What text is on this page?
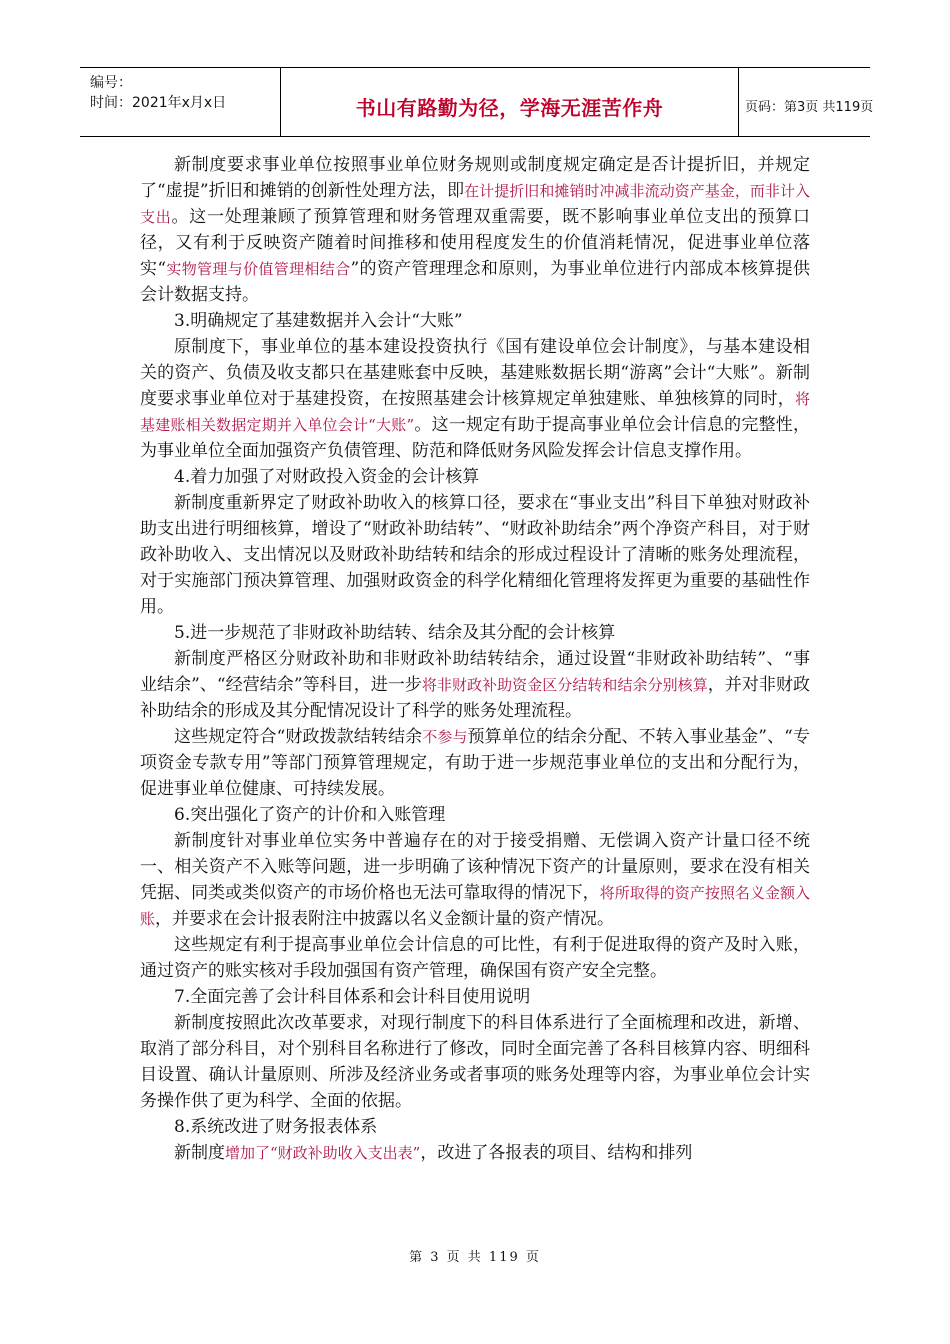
编号：
时间：2021年x月x日	书山有路勤为径，学海无涯苦作舟	页码：第3页 共119页

新制度要求事业单位按照事业单位财务规则或制度规定确定是否计提折旧，并规定了“虚提”折旧和摊销的创新性处理方法，即在计提折旧和摊销时冲减非流动资产基金，而非计入支出。这一处理兼顾了预算管理和财务管理双重需要，既不影响事业单位支出的预算口径，又有利于反映资产随着时间推移和使用程度发生的价值消耗情况，促进事业单位落实“实物管理与价值管理相结合”的资产管理理念和原则，为事业单位进行内部成本核算提供会计数据支持。

3.明确规定了基建数据并入会计“大账”

原制度下，事业单位的基本建设投资执行《国有建设单位会计制度》，与基本建设相关的资产、负债及收支都只在基建账套中反映，基建账数据长期“游离”会计“大账”。新制度要求事业单位对于基建投资，在按照基建会计核算规定单独建账、单独核算的同时，将基建账相关数据定期并入单位会计“大账”。这一规定有助于提高事业单位会计信息的完整性，为事业单位全面加强资产负债管理、防范和降低财务风险发挥会计信息支撑作用。

4.着力加强了对财政投入资金的会计核算

新制度重新界定了财政补助收入的核算口径，要求在“事业支出”科目下单独对财政补助支出进行明细核算，增设了“财政补助结转”、“财政补助结余”两个净资产科目，对于财政补助收入、支出情况以及财政补助结转和结余的形成过程设计了清晰的账务处理流程，对于实施部门预决算管理、加强财政资金的科学化精细化管理将发挥更为重要的基础性作用。

5.进一步规范了非财政补助结转、结余及其分配的会计核算

新制度严格区分财政补助和非财政补助结转结余，通过设置“非财政补助结转”、“事业结余”、“经营结余”等科目，进一步将非财政补助资金区分结转和结余分别核算，并对非财政补助结余的形成及其分配情况设计了科学的账务处理流程。

这些规定符合“财政拨款结转结余不参与预算单位的结余分配、不转入事业基金”、“专项资金专款专用”等部门预算管理规定，有助于进一步规范事业单位的支出和分配行为，促进事业单位健康、可持续发展。

6.突出强化了资产的计价和入账管理

新制度针对事业单位实务中普遍存在的对于接受捐赠、无偿调入资产计量口径不统一、相关资产不入账等问题，进一步明确了该种情况下资产的计量原则，要求在没有相关凭据、同类或类似资产的市场价格也无法可靠取得的情况下，将所取得的资产按照名义金额入账，并要求在会计报表附注中披露以名义金额计量的资产情况。

这些规定有利于提高事业单位会计信息的可比性，有利于促进取得的资产及时入账，通过资产的账实核对手段加强国有资产管理，确保国有资产安全完整。

7.全面完善了会计科目体系和会计科目使用说明

新制度按照此次改革要求，对现行制度下的科目体系进行了全面梳理和改进，新增、取消了部分科目，对个别科目名称进行了修改，同时全面完善了各科目核算内容、明细科目设置、确认计量原则、所涉及经济业务或者事项的账务处理等内容，为事业单位会计实务操作供了更为科学、全面的依据。

8.系统改进了财务报表体系

新制度增加了“财政补助收入支出表”，改进了各报表的项目、结构和排列

第 3 页 共 119 页
